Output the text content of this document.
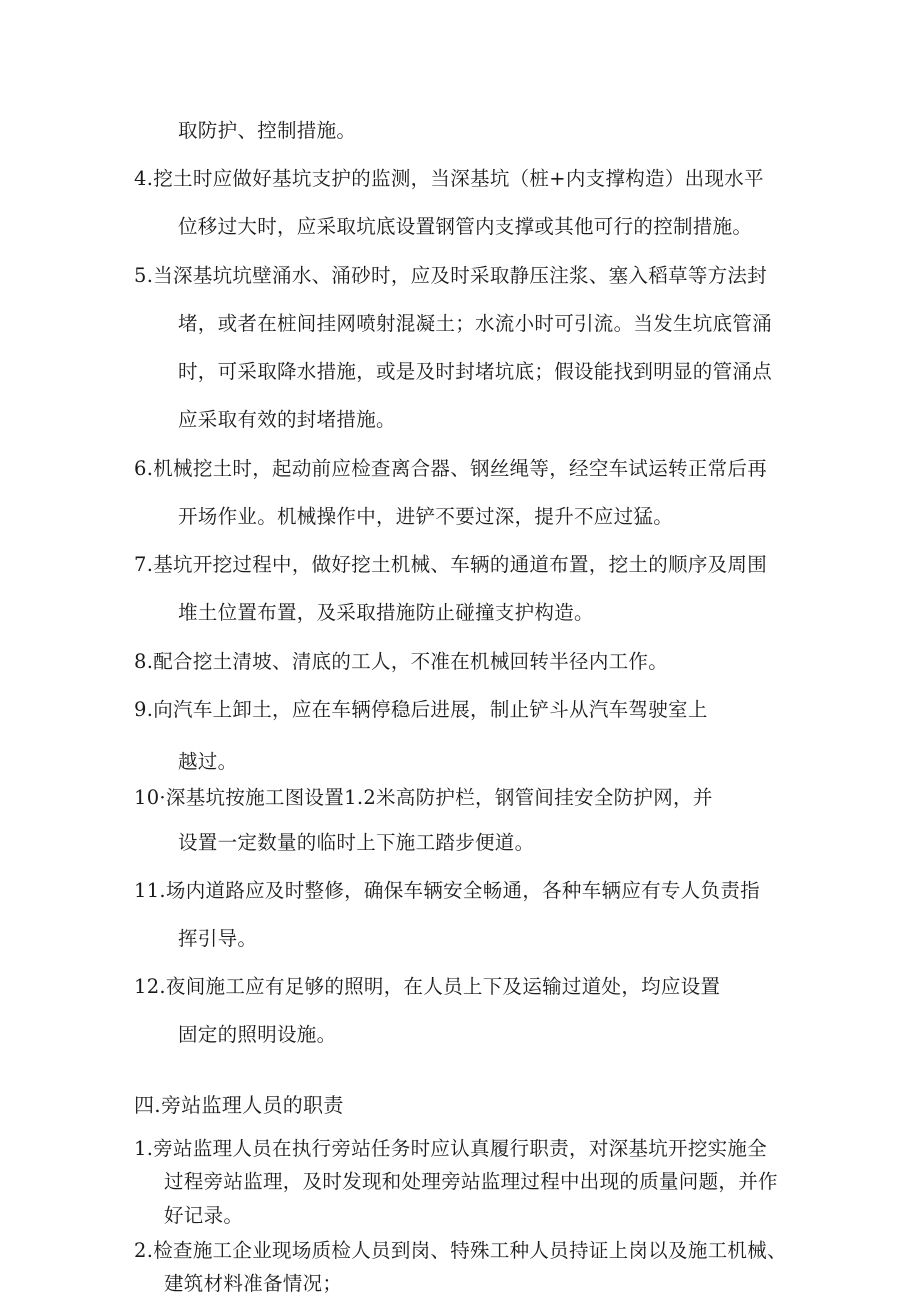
取防护、控制措施。
4.挖土时应做好基坑支护的监测，当深基坑（桩+内支撑构造）出现水平
位移过大时，应采取坑底设置钢管内支撑或其他可行的控制措施。
5.当深基坑坑壁涌水、涌砂时，应及时采取静压注浆、塞入稻草等方法封
堵，或者在桩间挂网喷射混凝土；水流小时可引流。当发生坑底管涌
时，可采取降水措施，或是及时封堵坑底；假设能找到明显的管涌点
应采取有效的封堵措施。
6.机械挖土时，起动前应检查离合器、钢丝绳等，经空车试运转正常后再
开场作业。机械操作中，进铲不要过深，提升不应过猛。
7.基坑开挖过程中，做好挖土机械、车辆的通道布置，挖土的顺序及周围
堆土位置布置，及采取措施防止碰撞支护构造。
8.配合挖土清坡、清底的工人，不准在机械回转半径内工作。
9.向汽车上卸土，应在车辆停稳后进展，制止铲斗从汽车驾驶室上
越过。
10·深基坑按施工图设置1.2米高防护栏，钢管间挂安全防护网，并
设置一定数量的临时上下施工踏步便道。
11.场内道路应及时整修，确保车辆安全畅通，各种车辆应有专人负责指
挥引导。
12.夜间施工应有足够的照明，在人员上下及运输过道处，均应设置
固定的照明设施。
四.旁站监理人员的职责
1.旁站监理人员在执行旁站任务时应认真履行职责，对深基坑开挖实施全
过程旁站监理，及时发现和处理旁站监理过程中出现的质量问题，并作
好记录。
2.检查施工企业现场质检人员到岗、特殊工种人员持证上岗以及施工机械、
建筑材料准备情况；
